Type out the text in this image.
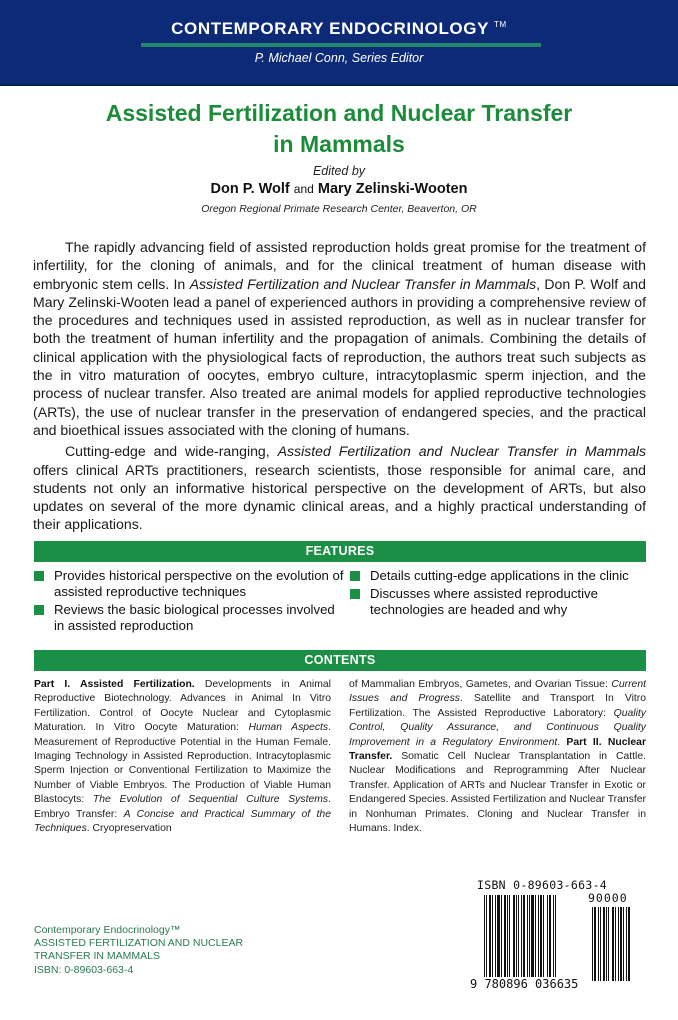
CONTEMPORARY ENDOCRINOLOGY ™
P. Michael Conn, Series Editor
Assisted Fertilization and Nuclear Transfer
in Mammals
Edited by
Don P. Wolf and Mary Zelinski-Wooten
Oregon Regional Primate Research Center, Beaverton, OR

The rapidly advancing field of assisted reproduction holds great promise for the treatment of infertility, for the cloning of animals, and for the clinical treatment of human disease with embryonic stem cells. In Assisted Fertilization and Nuclear Transfer in Mammals, Don P. Wolf and Mary Zelinski-Wooten lead a panel of experienced authors in providing a comprehensive review of the procedures and techniques used in assisted reproduction, as well as in nuclear transfer for both the treatment of human infertility and the propagation of animals. Combining the details of clinical application with the physiological facts of reproduction, the authors treat such subjects as the in vitro maturation of oocytes, embryo culture, intracytoplasmic sperm injection, and the process of nuclear transfer. Also treated are animal models for applied reproductive technologies (ARTs), the use of nuclear transfer in the preservation of endangered species, and the practical and bioethical issues associated with the cloning of humans.

Cutting-edge and wide-ranging, Assisted Fertilization and Nuclear Transfer in Mammals offers clinical ARTs practitioners, research scientists, those responsible for animal care, and students not only an informative historical perspective on the development of ARTs, but also updates on several of the more dynamic clinical areas, and a highly practical understanding of their applications.

FEATURES
Provides historical perspective on the evolution of assisted reproductive techniques
Reviews the basic biological processes involved in assisted reproduction
Details cutting-edge applications in the clinic
Discusses where assisted reproductive technologies are headed and why
CONTENTS
Part I. Assisted Fertilization. Developments in Animal Reproductive Biotechnology. Advances in Animal In Vitro Fertilization. Control of Oocyte Nuclear and Cytoplasmic Maturation. In Vitro Oocyte Maturation: Human Aspects. Measurement of Reproductive Potential in the Human Female. Imaging Technology in Assisted Reproduction. Intracytoplasmic Sperm Injection or Conventional Fertilization to Maximize the Number of Viable Embryos. The Production of Viable Human Blastocyts: The Evolution of Sequential Culture Systems. Embryo Transfer: A Concise and Practical Summary of the Techniques. Cryopreservation
of Mammalian Embryos, Gametes, and Ovarian Tissue: Current Issues and Progress. Satellite and Transport In Vitro Fertilization. The Assisted Reproductive Laboratory: Quality Control, Quality Assurance, and Continuous Quality Improvement in a Regulatory Environment. Part II. Nuclear Transfer. Somatic Cell Nuclear Transplantation in Cattle. Nuclear Modifications and Reprogramming After Nuclear Transfer. Application of ARTs and Nuclear Transfer in Exotic or Endangered Species. Assisted Fertilization and Nuclear Transfer in Nonhuman Primates. Cloning and Nuclear Transfer in Humans. Index.
Contemporary Endocrinology™
ASSISTED FERTILIZATION AND NUCLEAR
TRANSFER IN MAMMALS
ISBN: 0-89603-663-4
ISBN 0-89603-663-4
90000
9 780896 036635
